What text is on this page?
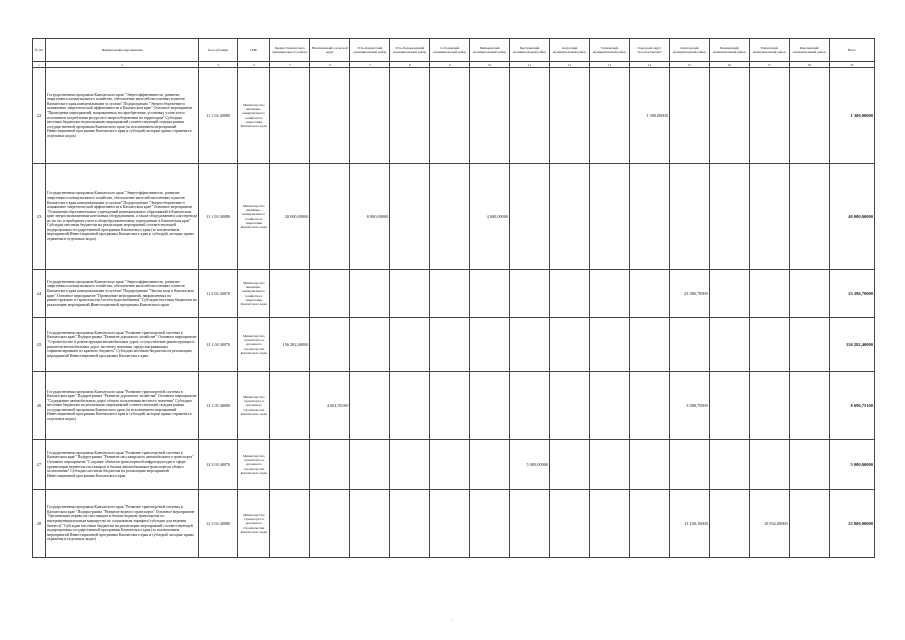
№ п/п	Наименование мероприятия	Код субсидии	ГРБС	Бюджет Камчатского муниципального района	Вилючинский городской округ	Усть-Камчатский муниципальный район	Усть-Большерецкий муниципальный район	Соболевский муниципальный район	Мильковский муниципальный район	Быстринский муниципальный район	Алеутский муниципальный район	Тигильский муниципальный район	Городской округ "поселок Палана"	Олюторский муниципальный район	Пенжинский муниципальный район	Елизовский муниципальный район	Карагинский муниципальный район	Всего
1	2	3	4	5	6	7	8	9	10	11	12	13	14	15	16	17	18	19
22	Государственная программа Камчатского края "Энергоэффективность, развитие энергетики и коммунального хозяйства, обеспечение жителей населенных пунктов Камчатского края коммунальными услугами" Подпрограмма "Энергосбережение и повышение энергетической эффективности в Камчатском крае" Основное мероприятие "Проведение мероприятий, направленных на приобретение, установку узлов учета источников потребления ресурсов и энергосбережения на территории" Субсидии местным бюджетам на реализацию мероприятий соответствующей подпрограммы государственной программы Камчатского края (за исключением мероприятий Инвестиционной программы Камчатского края и субсидий, которые прямо отражены в отдельных кодах)	11 1 02 40080	Министерство жилищно-коммунального хозяйства и энергетики Камчатского края										1 300,00000					1 300,00000
23	Государственная программа Камчатского края "Энергоэффективность, развитие энергетики и коммунального хозяйства, обеспечение жителей населенных пунктов Камчатского края коммунальными услугами" Подпрограмма "Энергосбережение и повышение энергетической эффективности в Камчатском крае" Основное мероприятие "Оснащение образовательных учреждений муниципальных образований в Камчатском крае энергоэкономичным котельным оборудованием, а также оборудованием для перевода их на газ и приборами учета в общеобразовательных учреждениях в Камчатском крае" Субсидии местным бюджетам на реализацию мероприятий соответствующей подпрограммы государственной программы Камчатского края (за исключением мероприятий Инвестиционной программы Камчатского края и субсидий, которые прямо отражены в отдельных кодах)	11 1 03 40080	Министерство жилищно-коммунального хозяйства и энергетики Камчатского края	28 000,00000		8 000,00000			4 000,00000									40 000,00000
24	Государственная программа Камчатского края "Энергоэффективность, развитие энергетики и коммунального хозяйства, обеспечение жителей населенных пунктов Камчатского края коммунальными услугами" Подпрограмма "Чистая вода в Камчатском крае" Основное мероприятие "Проведение мероприятий, направленных на реконструкцию и строительство систем водоснабжения" Субсидии местным бюджетам на реализацию мероприятий Инвестиционной программы Камчатского края	11 2 02 40070	Министерство жилищно-коммунального хозяйства и энергетики Камчатского края											23 386,70000				23 386,70000
25	Государственная программа Камчатского края "Развитие транспортной системы в Камчатском крае" Подпрограмма "Развитие дорожного хозяйства" Основное мероприятие "Строительство и реконструкция автомобильных дорог, осуществление реконструкции и ремонтов автомобильных дорог местного значения, предусматривающих софинансирование из краевого бюджета" Субсидии местным бюджетам на реализацию мероприятий Инвестиционной программы Камчатского края	12 1 04 40070	Министерство транспорта и дорожного строительства Камчатского края	156 282,40000														156 282,40000
26	Государственная программа Камчатского края "Развитие транспортной системы в Камчатском крае" Подпрограмма "Развитие дорожного хозяйства" Основное мероприятие "Содержание автомобильных дорог общего пользования местного значения" Субсидии местным бюджетам на реализацию мероприятий соответствующей подпрограммы государственной программы Камчатского края (за исключением мероприятий Инвестиционной программы Камчатского края и субсидий, которые прямо отражены в отдельных кодах)	12 1 05 40080	Министерство транспорта и дорожного строительства Камчатского края		4 601,95100									3 088,70000				8 690,75100
27	Государственная программа Камчатского края "Развитие транспортной системы в Камчатском крае" Подпрограмма "Развитие пассажирского автомобильного транспорта" Основное мероприятие "Создание объектов транспортной инфраструктуры в сфере организации перевозок пассажиров и багажа автомобильным транспортом общего пользования" Субсидии местным бюджетам на реализацию мероприятий Инвестиционной программы Камчатского края	12 3 03 40070	Министерство транспорта и дорожного строительства Камчатского края							5 000,00000								5 000,00000
28	Государственная программа Камчатского края "Развитие транспортной системы в Камчатском крае" Подпрограмма "Развитие водного транспорта" Основное мероприятие "Организация перевозок пассажиров и багажа водным транспортом по внутримуниципальным маршрутам по социальным тарифам (субсидии для ведения бизнеса)" Субсидии местным бюджетам на реализацию мероприятий соответствующей подпрограммы государственной программы Камчатского края (за исключением мероприятий Инвестиционной программы Камчатского края и субсидий, которые прямо отражены в отдельных кодах)	12 5 02 40080	Министерство транспорта и дорожного строительства Камчатского края											13 100,10000		10 032,00000		23 000,00000
·
